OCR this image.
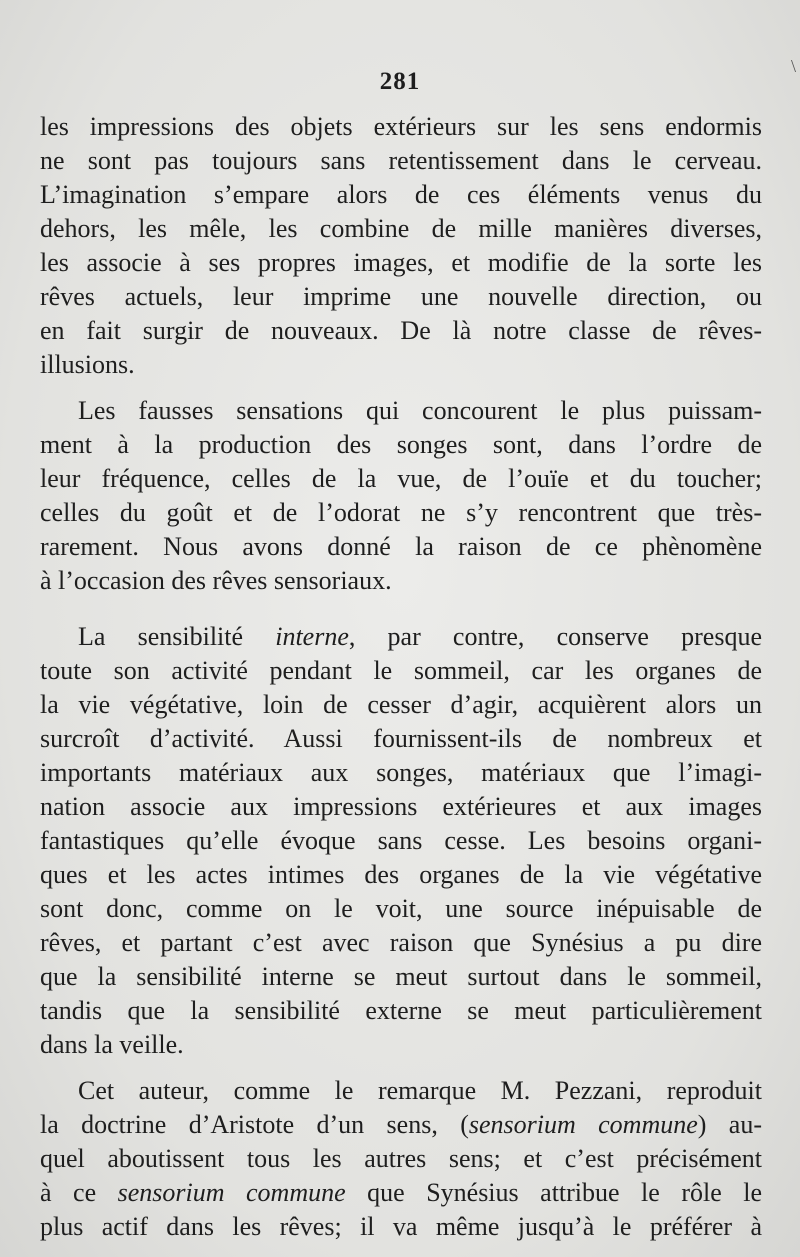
\
281
les impressions des objets extérieurs sur les sens endormis
ne sont pas toujours sans retentissement dans le cerveau.
L’imagination s’empare alors de ces éléments venus du
dehors, les mêle, les combine de mille manières diverses,
les associe à ses propres images, et modifie de la sorte les
rêves actuels, leur imprime une nouvelle direction, ou
en fait surgir de nouveaux. De là notre classe de rêves-
illusions.
Les fausses sensations qui concourent le plus puissam-
ment à la production des songes sont, dans l’ordre de
leur fréquence, celles de la vue, de l’ouïe et du toucher;
celles du goût et de l’odorat ne s’y rencontrent que très-
rarement. Nous avons donné la raison de ce phènomène
à l’occasion des rêves sensoriaux.
La sensibilité interne, par contre, conserve presque
toute son activité pendant le sommeil, car les organes de
la vie végétative, loin de cesser d’agir, acquièrent alors un
surcroît d’activité. Aussi fournissent-ils de nombreux et
importants matériaux aux songes, matériaux que l’imagi-
nation associe aux impressions extérieures et aux images
fantastiques qu’elle évoque sans cesse. Les besoins organi-
ques et les actes intimes des organes de la vie végétative
sont donc, comme on le voit, une source inépuisable de
rêves, et partant c’est avec raison que Synésius a pu dire
que la sensibilité interne se meut surtout dans le sommeil,
tandis que la sensibilité externe se meut particulièrement
dans la veille.
Cet auteur, comme le remarque M. Pezzani, reproduit
la doctrine d’Aristote d’un sens, (sensorium commune) au-
quel aboutissent tous les autres sens; et c’est précisément
à ce sensorium commune que Synésius attribue le rôle le
plus actif dans les rêves; il va même jusqu’à le préférer à
